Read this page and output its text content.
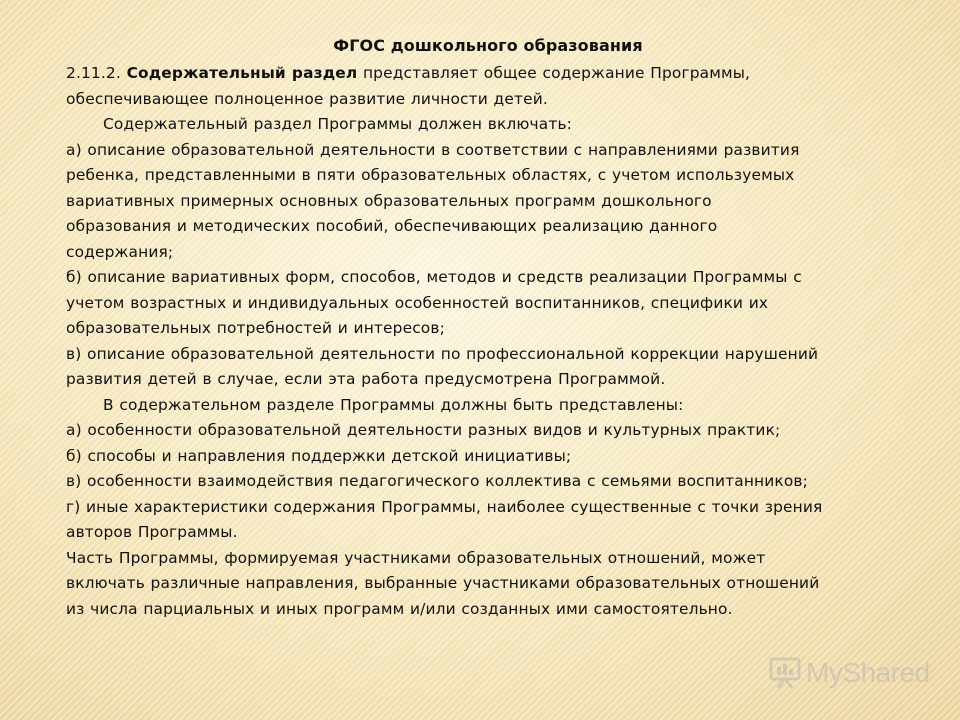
ФГОС дошкольного образования
2.11.2. Содержательный раздел представляет общее содержание Программы,
обеспечивающее полноценное развитие личности детей.
Содержательный раздел Программы должен включать:
а) описание образовательной деятельности в соответствии с направлениями развития
ребенка, представленными в пяти образовательных областях, с учетом используемых
вариативных примерных основных образовательных программ дошкольного
образования и методических пособий, обеспечивающих реализацию данного
содержания;
б) описание вариативных форм, способов, методов и средств реализации Программы с
учетом возрастных и индивидуальных особенностей воспитанников, специфики их
образовательных потребностей и интересов;
в) описание образовательной деятельности по профессиональной коррекции нарушений
развития детей в случае, если эта работа предусмотрена Программой.
В содержательном разделе Программы должны быть представлены:
а) особенности образовательной деятельности разных видов и культурных практик;
б) способы и направления поддержки детской инициативы;
в) особенности взаимодействия педагогического коллектива с семьями воспитанников;
г) иные характеристики содержания Программы, наиболее существенные с точки зрения
авторов Программы.
Часть Программы, формируемая участниками образовательных отношений, может
включать различные направления, выбранные участниками образовательных отношений
из числа парциальных и иных программ и/или созданных ими самостоятельно.
MyShared
